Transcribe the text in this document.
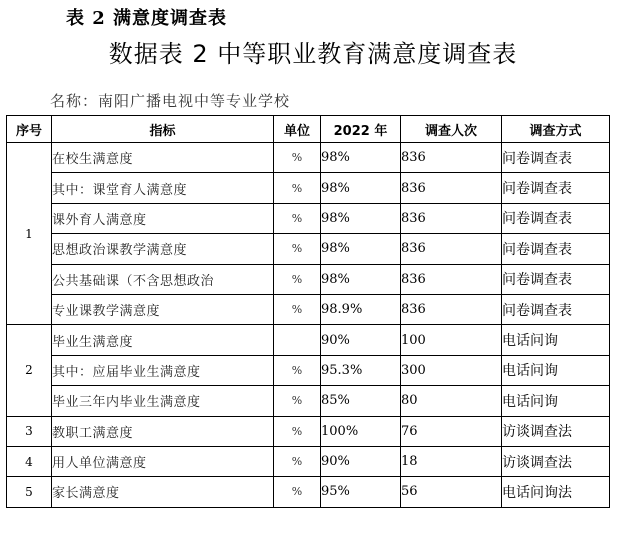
表 2 满意度调查表
数据表 2 中等职业教育满意度调查表
名称：南阳广播电视中等专业学校
序号	指标	单位	2022 年	调查人次	调查方式
1	在校生满意度	%	98%	836	问卷调查表
	其中：课堂育人满意度	%	98%	836	问卷调查表
	课外育人满意度	%	98%	836	问卷调查表
	思想政治课教学满意度	%	98%	836	问卷调查表
	公共基础课（不含思想政治	%	98%	836	问卷调查表
	专业课教学满意度	%	98.9%	836	问卷调查表
2	毕业生满意度		90%	100	电话问询
	其中：应届毕业生满意度	%	95.3%	300	电话问询
	毕业三年内毕业生满意度	%	85%	80	电话问询
3	教职工满意度	%	100%	76	访谈调查法
4	用人单位满意度	%	90%	18	访谈调查法
5	家长满意度	%	95%	56	电话问询法
